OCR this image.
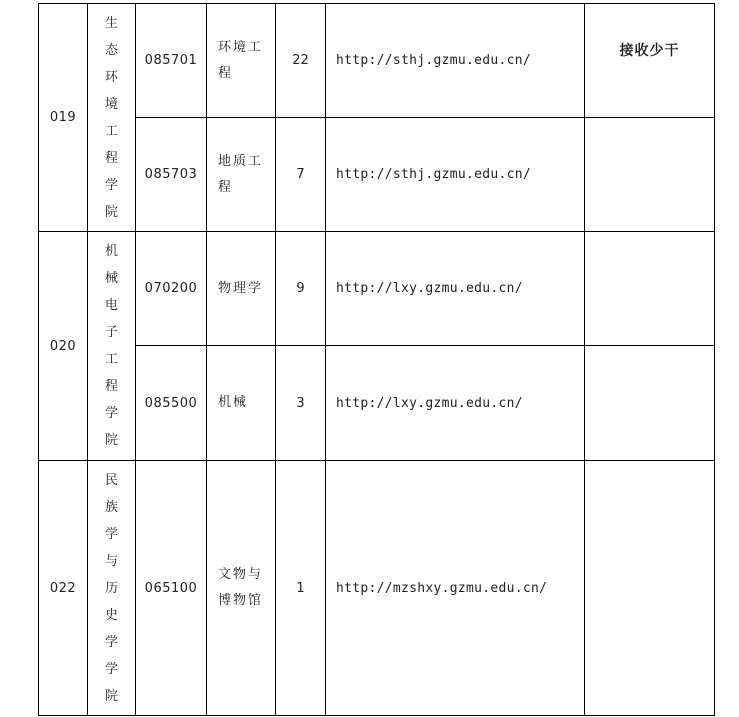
019	生态环境工程学院	085701	环境工程	22	http://sthj.gzmu.edu.cn/	接收少干

		085703	地质工程	7	http://sthj.gzmu.edu.cn/	
020	机械电子工程学院	070200	物理学	9	http://lxy.gzmu.edu.cn/	
		085500	机械	3	http://lxy.gzmu.edu.cn/	
022	民族学与历史学学院	065100	文物与博物馆	1	http://mzshxy.gzmu.edu.cn/	
